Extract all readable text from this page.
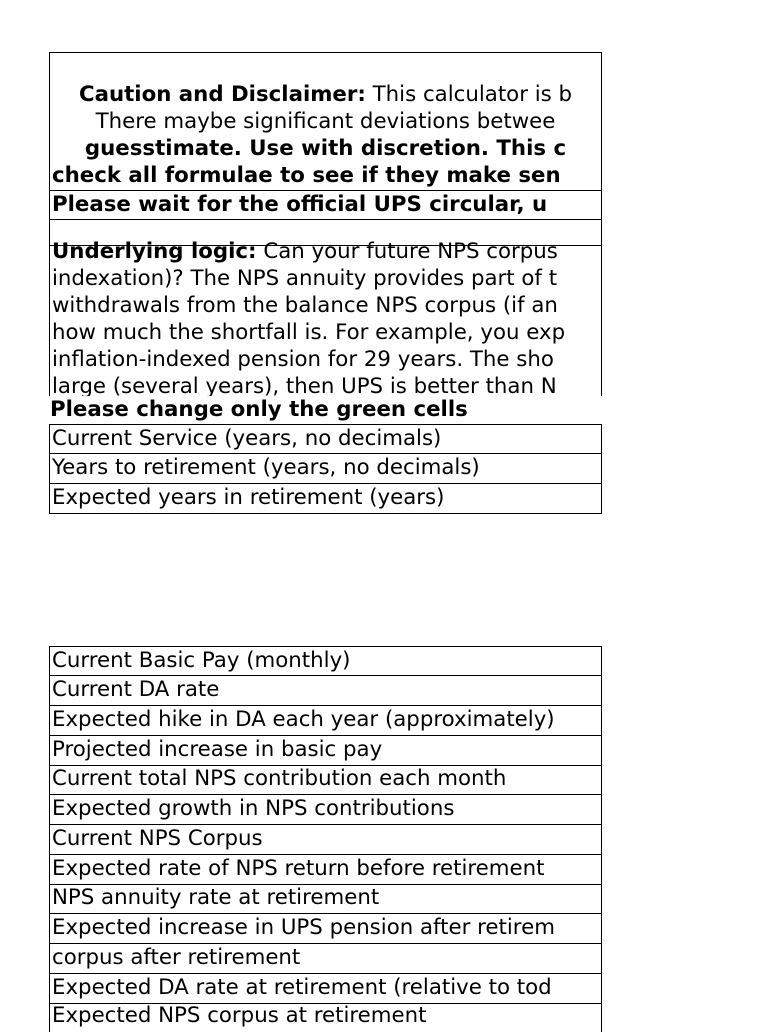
Caution and Disclaimer: This calculator is b
There maybe significant deviations betwee
guesstimate. Use with discretion. This c
check all formulae to see if they make sen
Please wait for the official UPS circular, u
Underlying logic: Can your future NPS corpus
indexation)? The NPS annuity provides part of t
withdrawals from the balance NPS corpus (if an
how much the shortfall is. For example, you exp
inflation-indexed pension for 29 years. The sho
large (several years), then UPS is better than N
Please change only the green cells
Current Service (years, no decimals)
Years to retirement (years, no decimals)
Expected years in retirement (years)
Current Basic Pay (monthly)
Current DA rate
Expected hike in DA each year (approximately)
Projected increase in basic pay
Current total NPS contribution each month
Expected growth in NPS contributions
Current NPS Corpus
Expected rate of NPS return before retirement
NPS annuity rate at retirement
Expected increase in UPS pension after retirem
corpus after retirement
Expected DA rate at retirement (relative to tod
Expected NPS corpus at retirement
